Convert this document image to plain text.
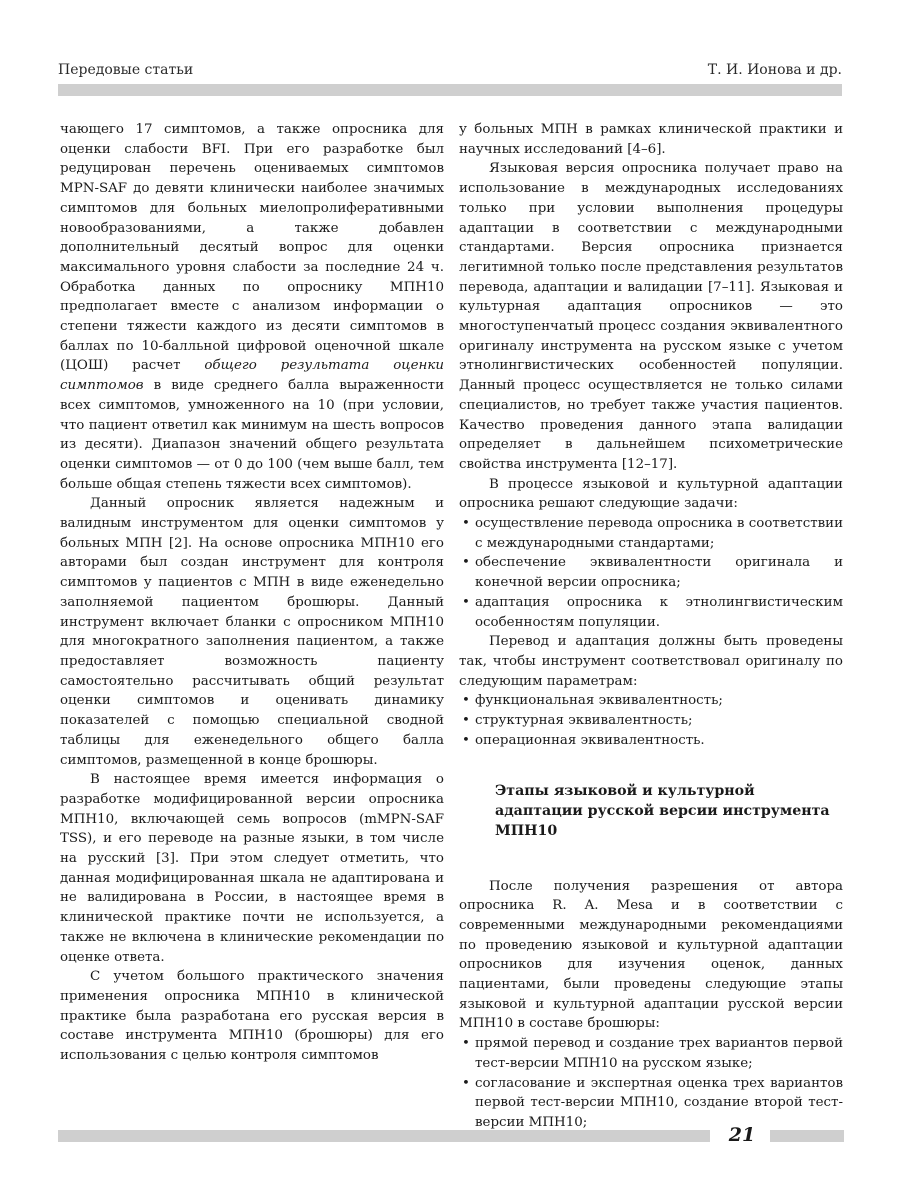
Передовые статьи	Т. И. Ионова и др.

чающего 17 симптомов, а также опросника для оценки слабости BFI. При его разработке был редуцирован перечень оцениваемых симптомов MPN-SAF до девяти клинически наиболее значимых симптомов для больных миелопролиферативными новообразованиями, а также добавлен дополнительный десятый вопрос для оценки максимального уровня слабости за последние 24 ч. Обработка данных по опроснику МПН10 предполагает вместе с анализом информации о степени тяжести каждого из десяти симптомов в баллах по 10-балльной цифровой оценочной шкале (ЦОШ) расчет общего результата оценки симптомов в виде среднего балла выраженности всех симптомов, умноженного на 10 (при условии, что пациент ответил как минимум на шесть вопросов из десяти). Диапазон значений общего результата оценки симптомов — от 0 до 100 (чем выше балл, тем больше общая степень тяжести всех симптомов).

Данный опросник является надежным и валидным инструментом для оценки симптомов у больных МПН [2]. На основе опросника МПН10 его авторами был создан инструмент для контроля симптомов у пациентов с МПН в виде еженедельно заполняемой пациентом брошюры. Данный инструмент включает бланки с опросником МПН10 для многократного заполнения пациентом, а также предоставляет возможность пациенту самостоятельно рассчитывать общий результат оценки симптомов и оценивать динамику показателей с помощью специальной сводной таблицы для еженедельного общего балла симптомов, размещенной в конце брошюры.

В настоящее время имеется информация о разработке модифицированной версии опросника МПН10, включающей семь вопросов (mMPN-SAF TSS), и его переводе на разные языки, в том числе на русский [3]. При этом следует отметить, что данная модифицированная шкала не адаптирована и не валидирована в России, в настоящее время в клинической практике почти не используется, а также не включена в клинические рекомендации по оценке ответа.

С учетом большого практического значения применения опросника МПН10 в клинической практике была разработана его русская версия в составе инструмента МПН10 (брошюры) для его использования с целью контроля симптомов

у больных МПН в рамках клинической практики и научных исследований [4–6].

Языковая версия опросника получает право на использование в международных исследованиях только при условии выполнения процедуры адаптации в соответствии с международными стандартами. Версия опросника признается легитимной только после представления результатов перевода, адаптации и валидации [7–11]. Языковая и культурная адаптация опросников — это многоступенчатый процесс создания эквивалентного оригиналу инструмента на русском языке с учетом этнолингвистических особенностей популяции. Данный процесс осуществляется не только силами специалистов, но требует также участия пациентов. Качество проведения данного этапа валидации определяет в дальнейшем психометрические свойства инструмента [12–17].

В процессе языковой и культурной адаптации опросника решают следующие задачи:

• осуществление перевода опросника в соответствии с международными стандартами;
• обеспечение эквивалентности оригинала и конечной версии опросника;
• адаптация опросника к этнолингвистическим особенностям популяции.

Перевод и адаптация должны быть проведены так, чтобы инструмент соответствовал оригиналу по следующим параметрам:

• функциональная эквивалентность;
• структурная эквивалентность;
• операционная эквивалентность.
Этапы языковой и культурной адаптации русской версии инструмента МПН10

После получения разрешения от автора опросника R. A. Mesa и в соответствии с современными международными рекомендациями по проведению языковой и культурной адаптации опросников для изучения оценок, данных пациентами, были проведены следующие этапы языковой и культурной адаптации русской версии МПН10 в составе брошюры:

• прямой перевод и создание трех вариантов первой тест-версии МПН10 на русском языке;
• согласование и экспертная оценка трех вариантов первой тест-версии МПН10, создание второй тест-версии МПН10;
21
